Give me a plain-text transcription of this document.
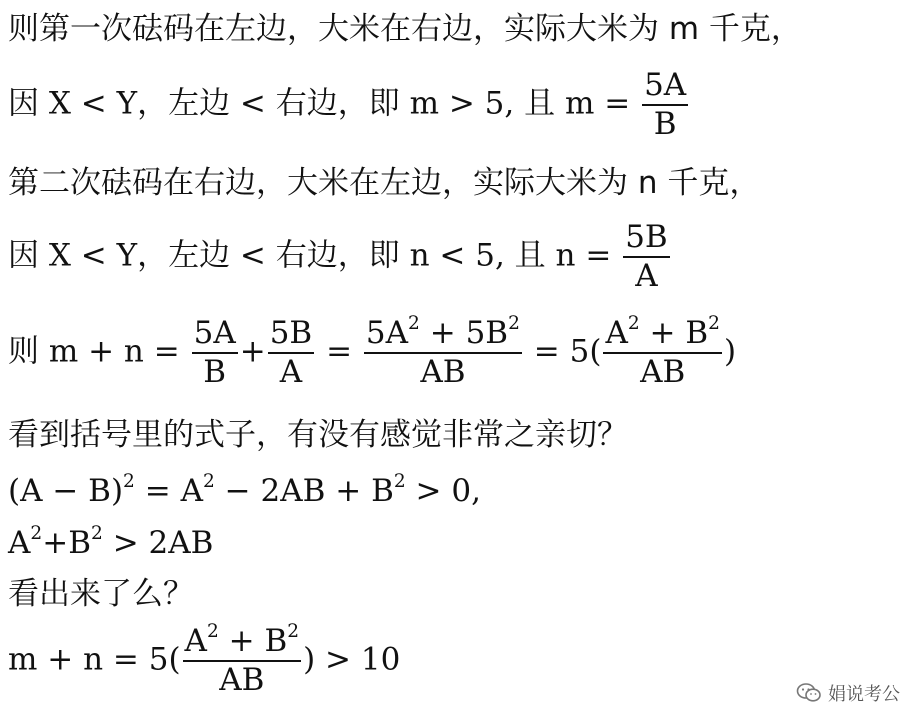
则第一次砝码在左边，大米在右边，实际大米为 m 千克，
因 X < Y，左边 < 右边，即 m > 5, 且 $m = \frac{5A}{B}$
第二次砝码在右边，大米在左边，实际大米为 n 千克，
因 X < Y，左边 < 右边，即 n < 5, 且 $n = \frac{5B}{A}$
则 $m + n = \frac{5A}{B} + \frac{5B}{A} = \frac{5A^2 + 5B^2}{AB} = 5( \frac{A^2 + B^2}{AB}$ )
看到括号里的式子，有没有感觉非常之亲切？
$(A - B)^2 = A^2 - 2AB + B^2 > 0$,
$A^2+B^2 > 2AB$
看出来了么？
$m + n = 5( \frac{A^2 + B^2}{AB}$ ) > 10
娟说考公
